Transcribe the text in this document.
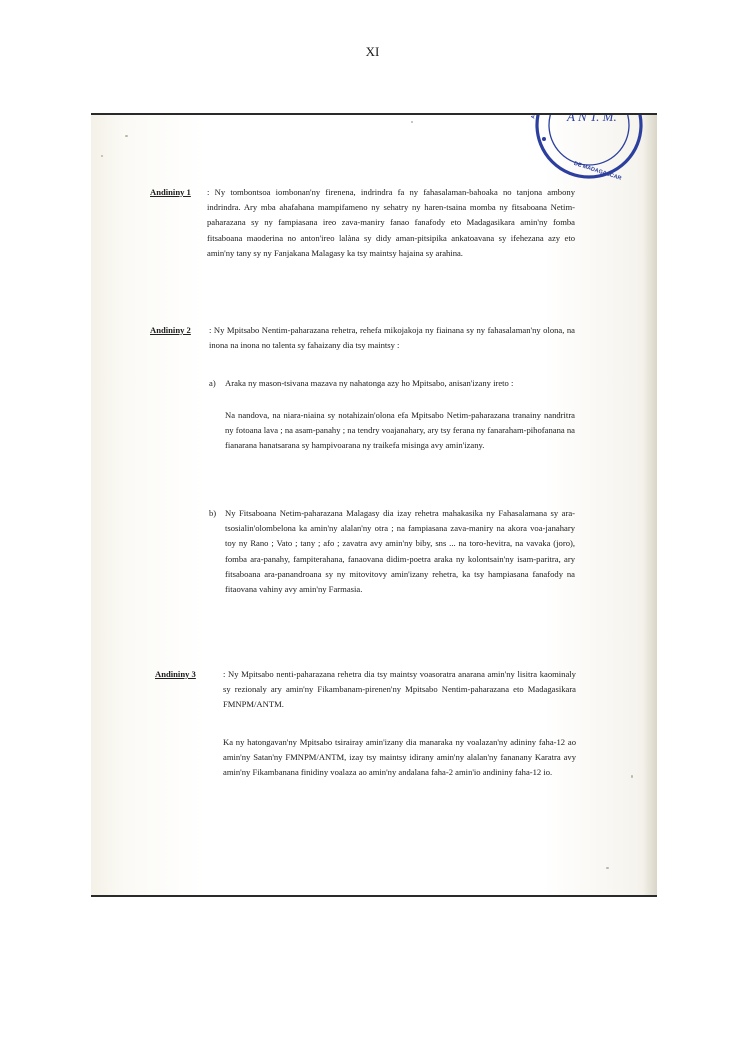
XI
A N T. M.
DE MADAGASCAR
ASS.
Andininy 1 : Ny tombontsoa iombonan'ny firenena, indrindra fa ny fahasalaman-bahoaka no tanjona ambony indrindra. Ary mba ahafahana mampifameno ny sehatry ny haren-tsaina momba ny fitsaboana Netim-paharazana sy ny fampiasana ireo zava-maniry fanao fanafody eto Madagasikara amin'ny fomba fitsaboana maoderina no anton'ireo lalàna sy didy aman-pitsipika ankatoavana sy ifehezana azy eto amin'ny tany sy ny Fanjakana Malagasy ka tsy maintsy hajaina sy arahina.
Andininy 2 : Ny Mpitsabo Nentim-paharazana rehetra, rehefa mikojakoja ny fiainana sy ny fahasalaman'ny olona, na inona na inona no talenta sy fahaizany dia tsy maintsy :
a) Araka ny mason-tsivana mazava ny nahatonga azy ho Mpitsabo, anisan'izany ireto :
Na nandova, na niara-niaina sy notahizain'olona efa Mpitsabo Netim-paharazana tranainy nandritra ny fotoana lava ; na asam-panahy ; na tendry voajanahary, ary tsy ferana ny fanaraham-pihofanana na fianarana hanatsarana sy hampivoarana ny traikefa misinga avy amin'izany.
b) Ny Fitsaboana Netim-paharazana Malagasy dia izay rehetra mahakasika ny Fahasalamana sy ara-tsosialin'olombelona ka amin'ny alalan'ny otra ; na fampiasana zava-maniry na akora voa-janahary toy ny Rano ; Vato ; tany ; afo ; zavatra avy amin'ny biby, sns ... na toro-hevitra, na vavaka (joro), fomba ara-panahy, fampiterahana, fanaovana didim-poetra araka ny kolontsain'ny isam-paritra, ary fitsaboana ara-panandroana sy ny mitovitovy amin'izany rehetra, ka tsy hampiasana fanafody na fitaovana vahiny avy amin'ny Farmasia.
Andininy 3	: Ny Mpitsabo nenti-paharazana rehetra dia tsy maintsy voasoratra anarana amin'ny lisitra kaominaly sy rezionaly ary amin'ny Fikambanam-pirenen'ny Mpitsabo Nentim-paharazana eto Madagasikara FMNPM/ANTM.
Ka ny hatongavan'ny Mpitsabo tsirairay amin'izany dia manaraka ny voalazan'ny adininy faha-12 ao amin'ny Satan'ny FMNPM/ANTM, izay tsy maintsy idirany amin'ny alalan'ny fananany Karatra avy amin'ny Fikambanana finidiny voalaza ao amin'ny andalana faha-2 amin'io andininy faha-12 io.
